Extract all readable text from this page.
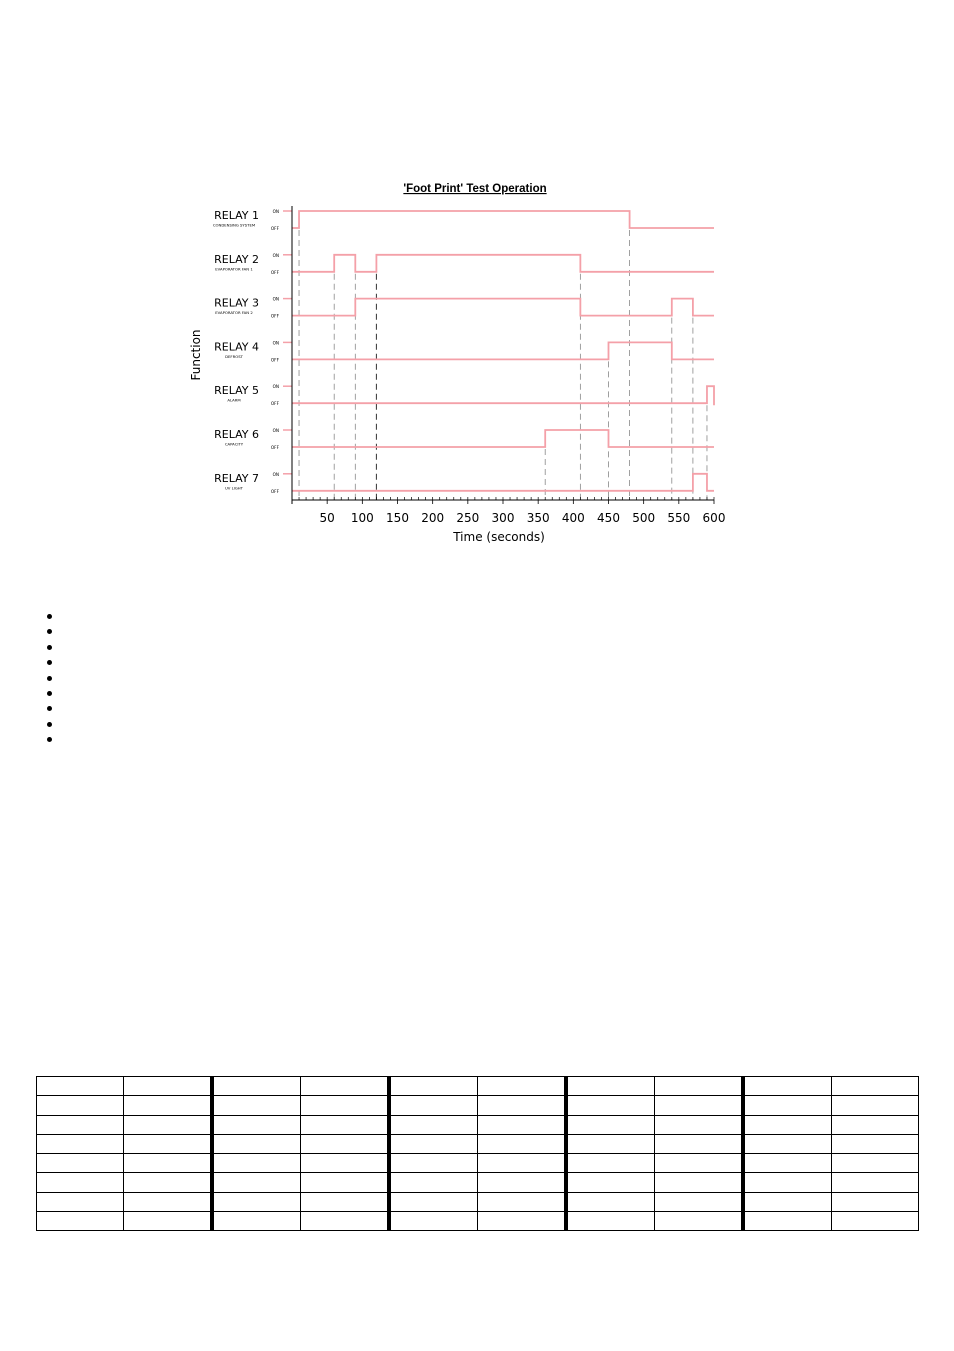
'Foot Print' Test Operation
RELAY 1
CONDENSING SYSTEM
ON
OFF
RELAY 2
EVAPORATOR FAN 1
ON
OFF
RELAY 3
EVAPORATOR FAN 2
ON
OFF
RELAY 4
DEFROST
ON
OFF
RELAY 5
ALARM
ON
OFF
RELAY 6
CAPACITY
ON
OFF
RELAY 7
UV LIGHT
ON
OFF
50 100 150 200 250 300 350 400 450 500 550 600
Function
Time (seconds)
